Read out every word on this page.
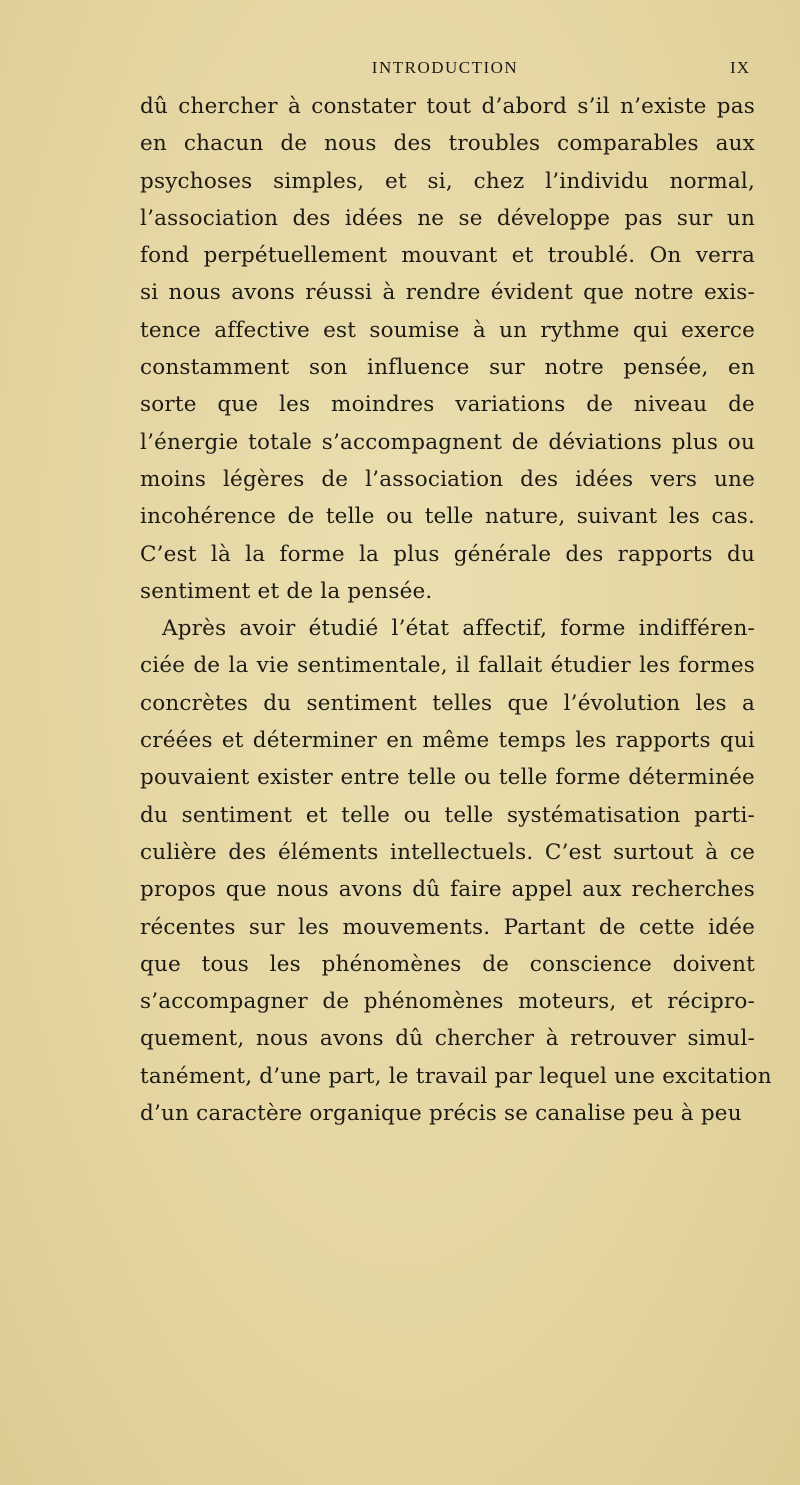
INTRODUCTION	IX
dû chercher à constater tout d’abord s’il n’existe pas
en chacun de nous des troubles comparables aux
psychoses simples, et si, chez l’individu normal,
l’association des idées ne se développe pas sur un
fond perpétuellement mouvant et troublé. On verra
si nous avons réussi à rendre évident que notre exis-
tence affective est soumise à un rythme qui exerce
constamment son influence sur notre pensée, en
sorte que les moindres variations de niveau de
l’énergie totale s’accompagnent de déviations plus ou
moins légères de l’association des idées vers une
incohérence de telle ou telle nature, suivant les cas.
C’est là la forme la plus générale des rapports du
sentiment et de la pensée.
Après avoir étudié l’état affectif, forme indifféren-
ciée de la vie sentimentale, il fallait étudier les formes
concrètes du sentiment telles que l’évolution les a
créées et déterminer en même temps les rapports qui
pouvaient exister entre telle ou telle forme déterminée
du sentiment et telle ou telle systématisation parti-
culière des éléments intellectuels. C’est surtout à ce
propos que nous avons dû faire appel aux recherches
récentes sur les mouvements. Partant de cette idée
que tous les phénomènes de conscience doivent
s’accompagner de phénomènes moteurs, et récipro-
quement, nous avons dû chercher à retrouver simul-
tanément, d’une part, le travail par lequel une excitation
d’un caractère organique précis se canalise peu à peu
